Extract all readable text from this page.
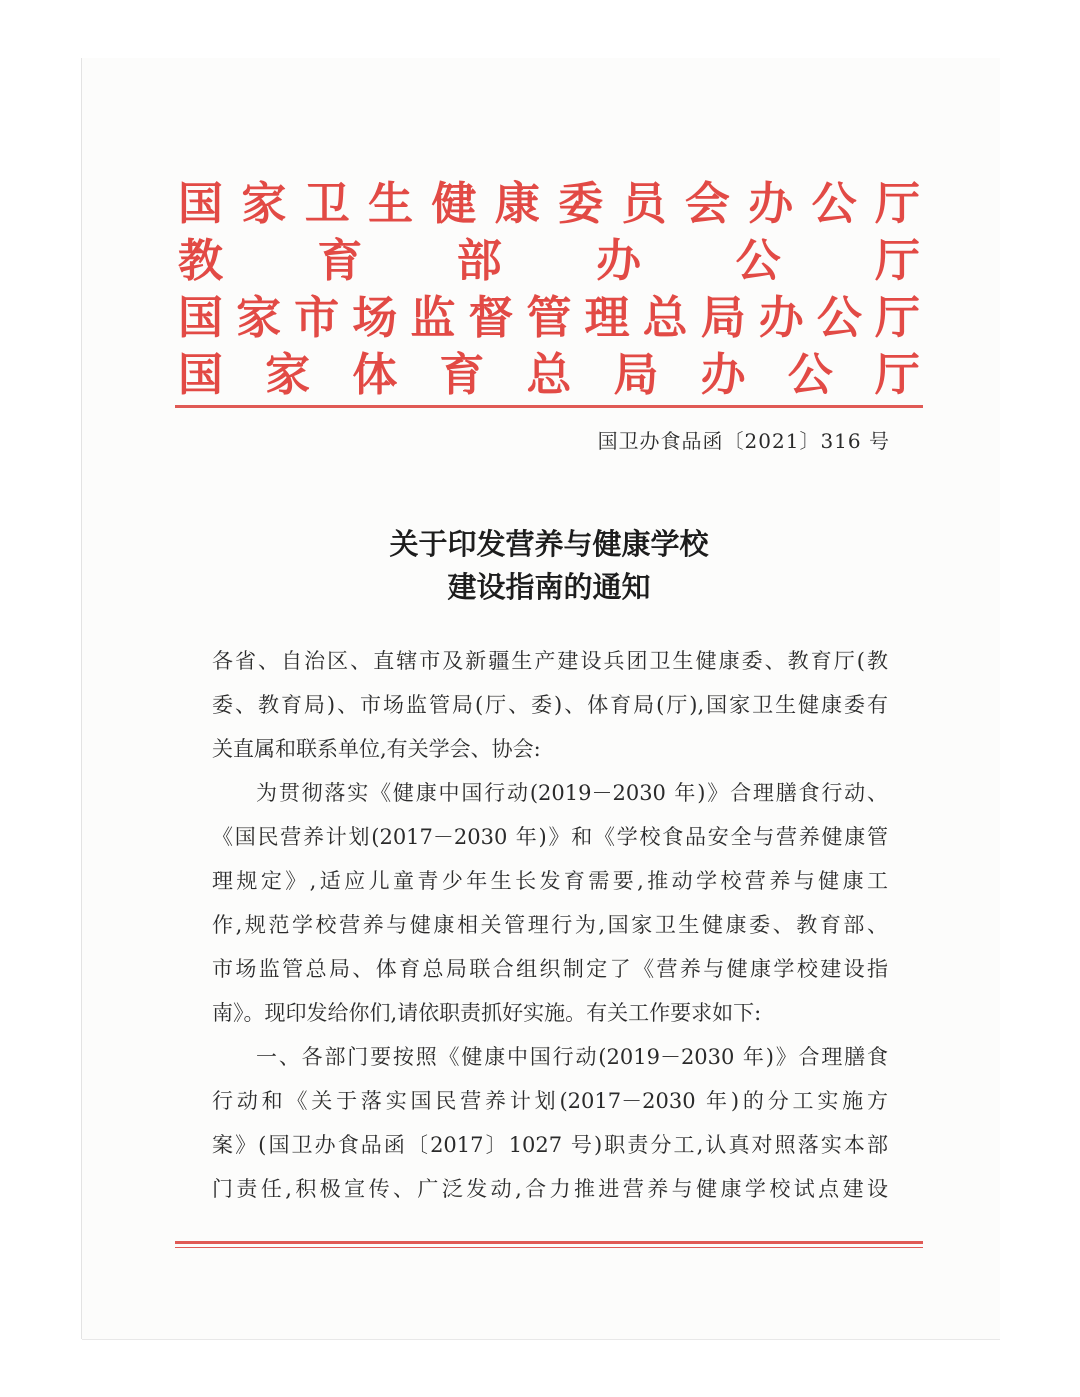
国 家 卫 生 健 康 委 员 会 办 公 厅
教 育 部 办 公 厅
国 家 市 场 监 督 管 理 总 局 办 公 厅
国 家 体 育 总 局 办 公 厅
国卫办食品函〔2021〕316 号
关于印发营养与健康学校
建设指南的通知
各省、自治区、直辖市及新疆生产建设兵团卫生健康委、教育厅(教
委、教育局)、市场监管局(厅、委)、体育局(厅),国家卫生健康委有
关直属和联系单位,有关学会、协会:
为贯彻落实《健康中国行动(2019－2030 年)》合理膳食行动、
《国民营养计划(2017－2030 年)》和《学校食品安全与营养健康管
理规定》,适应儿童青少年生长发育需要,推动学校营养与健康工
作,规范学校营养与健康相关管理行为,国家卫生健康委、教育部、
市场监管总局、体育总局联合组织制定了《营养与健康学校建设指
南》。现印发给你们,请依职责抓好实施。有关工作要求如下:
一、各部门要按照《健康中国行动(2019－2030 年)》合理膳食
行动和《关于落实国民营养计划(2017－2030 年)的分工实施方
案》(国卫办食品函〔2017〕1027 号)职责分工,认真对照落实本部
门责任,积极宣传、广泛发动,合力推进营养与健康学校试点建设
